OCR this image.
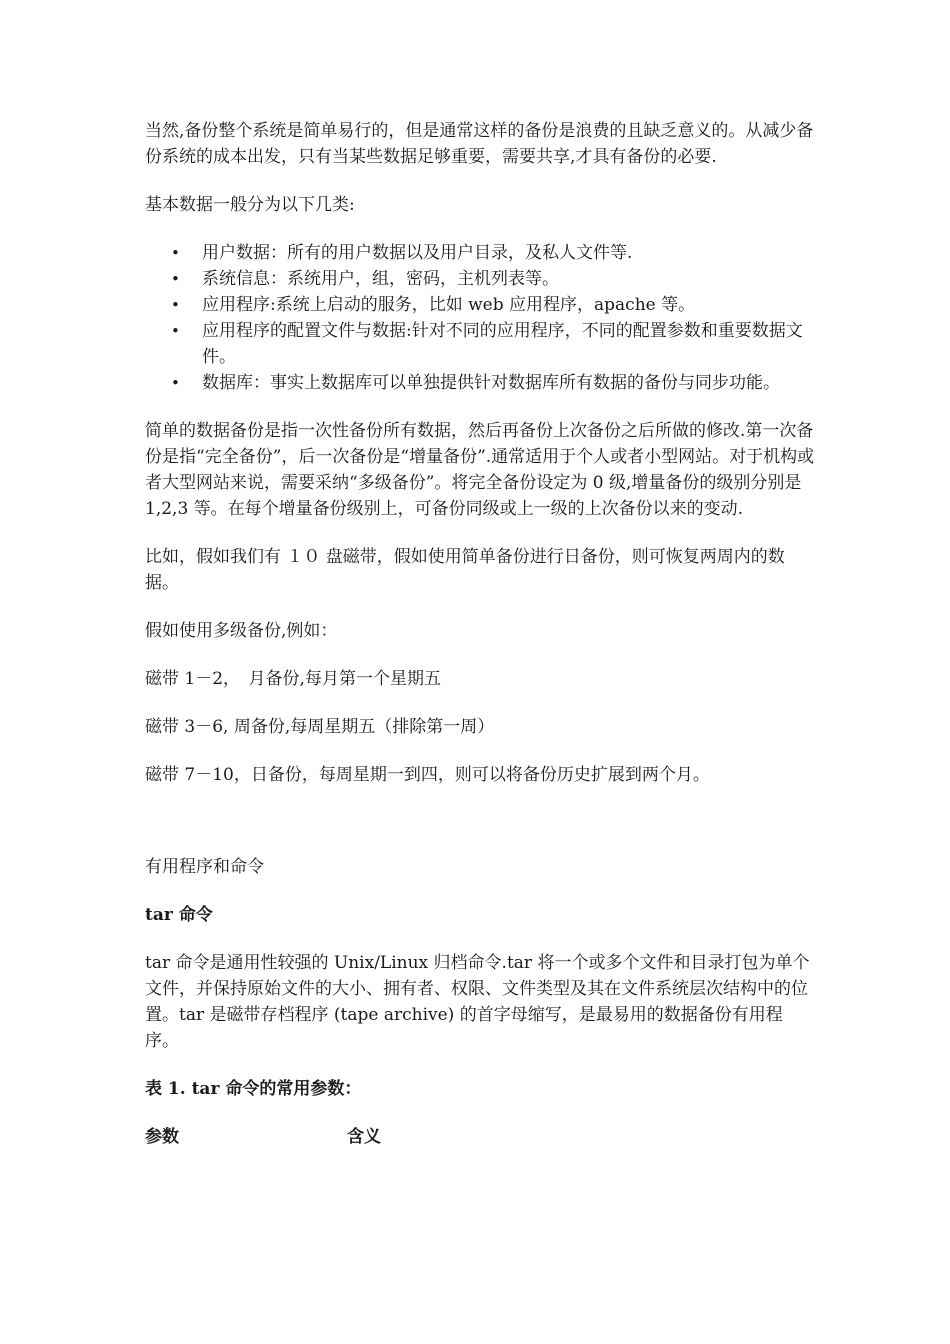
当然,备份整个系统是简单易行的，但是通常这样的备份是浪费的且缺乏意义的。从减少备份系统的成本出发，只有当某些数据足够重要，需要共享,才具有备份的必要.

基本数据一般分为以下几类:

• 用户数据：所有的用户数据以及用户目录，及私人文件等.
• 系统信息：系统用户，组，密码，主机列表等。
• 应用程序:系统上启动的服务，比如 web 应用程序，apache 等。
• 应用程序的配置文件与数据:针对不同的应用程序，不同的配置参数和重要数据文件。
• 数据库：事实上数据库可以单独提供针对数据库所有数据的备份与同步功能。

简单的数据备份是指一次性备份所有数据，然后再备份上次备份之后所做的修改.第一次备份是指“完全备份”，后一次备份是“增量备份”.通常适用于个人或者小型网站。对于机构或者大型网站来说，需要采纳“多级备份”。将完全备份设定为 0 级,增量备份的级别分别是 1,2,3 等。在每个增量备份级别上，可备份同级或上一级的上次备份以来的变动.

比如，假如我们有 １０ 盘磁带，假如使用简单备份进行日备份，则可恢复两周内的数据。

假如使用多级备份,例如：

磁带 1－2，　月备份,每月第一个星期五

磁带 3－6, 周备份,每周星期五（排除第一周）

磁带 7－10，日备份，每周星期一到四，则可以将备份历史扩展到两个月。

有用程序和命令

tar 命令

tar 命令是通用性较强的 Unix/Linux 归档命令.tar 将一个或多个文件和目录打包为单个文件，并保持原始文件的大小、拥有者、权限、文件类型及其在文件系统层次结构中的位置。tar 是磁带存档程序 (tape archive) 的首字母缩写，是最易用的数据备份有用程序。

表 1. tar 命令的常用参数：

参数	含义
